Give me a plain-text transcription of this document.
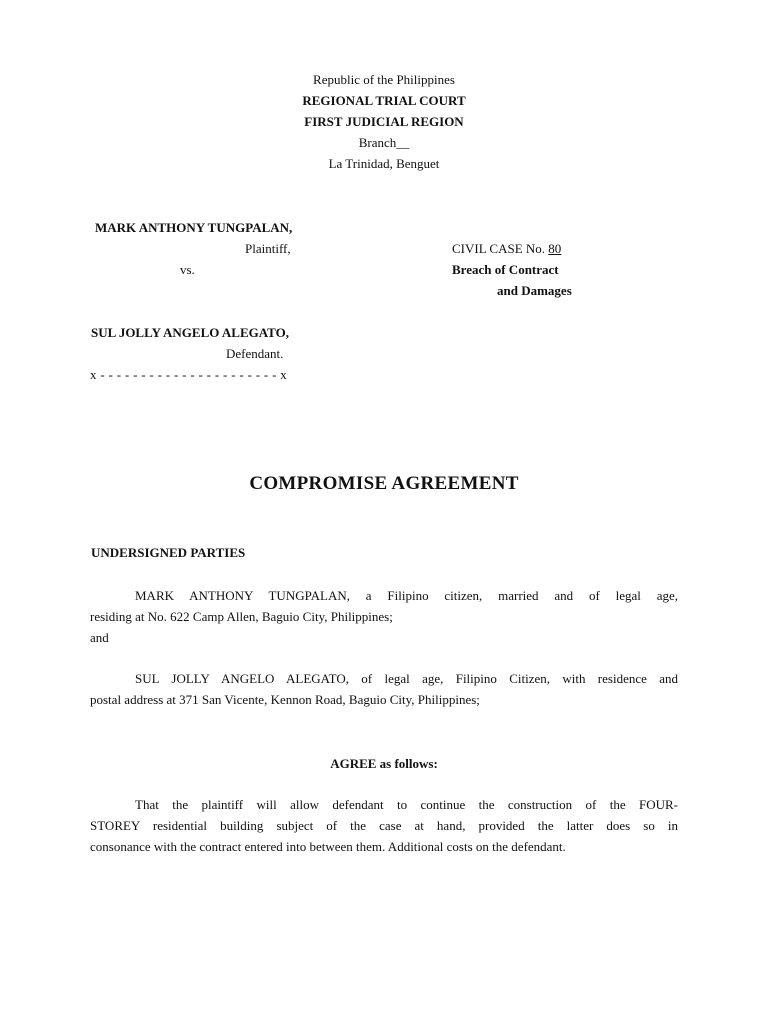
Republic of the Philippines
REGIONAL TRIAL COURT
FIRST JUDICIAL REGION
Branch__
La Trinidad, Benguet
MARK ANTHONY TUNGPALAN,
Plaintiff,
vs.
SUL JOLLY ANGELO ALEGATO,
Defendant.
x - - - - - - - - - - - - - - - - - - - - - - x
CIVIL CASE No. 80
Breach of Contract
and Damages
COMPROMISE AGREEMENT
UNDERSIGNED PARTIES
MARK ANTHONY TUNGPALAN, a Filipino citizen, married and of legal age,
residing at No. 622 Camp Allen, Baguio City, Philippines;
and
SUL JOLLY ANGELO ALEGATO, of legal age, Filipino Citizen, with residence and
postal address at 371 San Vicente, Kennon Road, Baguio City, Philippines;
AGREE as follows:
That the plaintiff will allow defendant to continue the construction of the FOUR-
STOREY residential building subject of the case at hand, provided the latter does so in
consonance with the contract entered into between them. Additional costs on the defendant.
